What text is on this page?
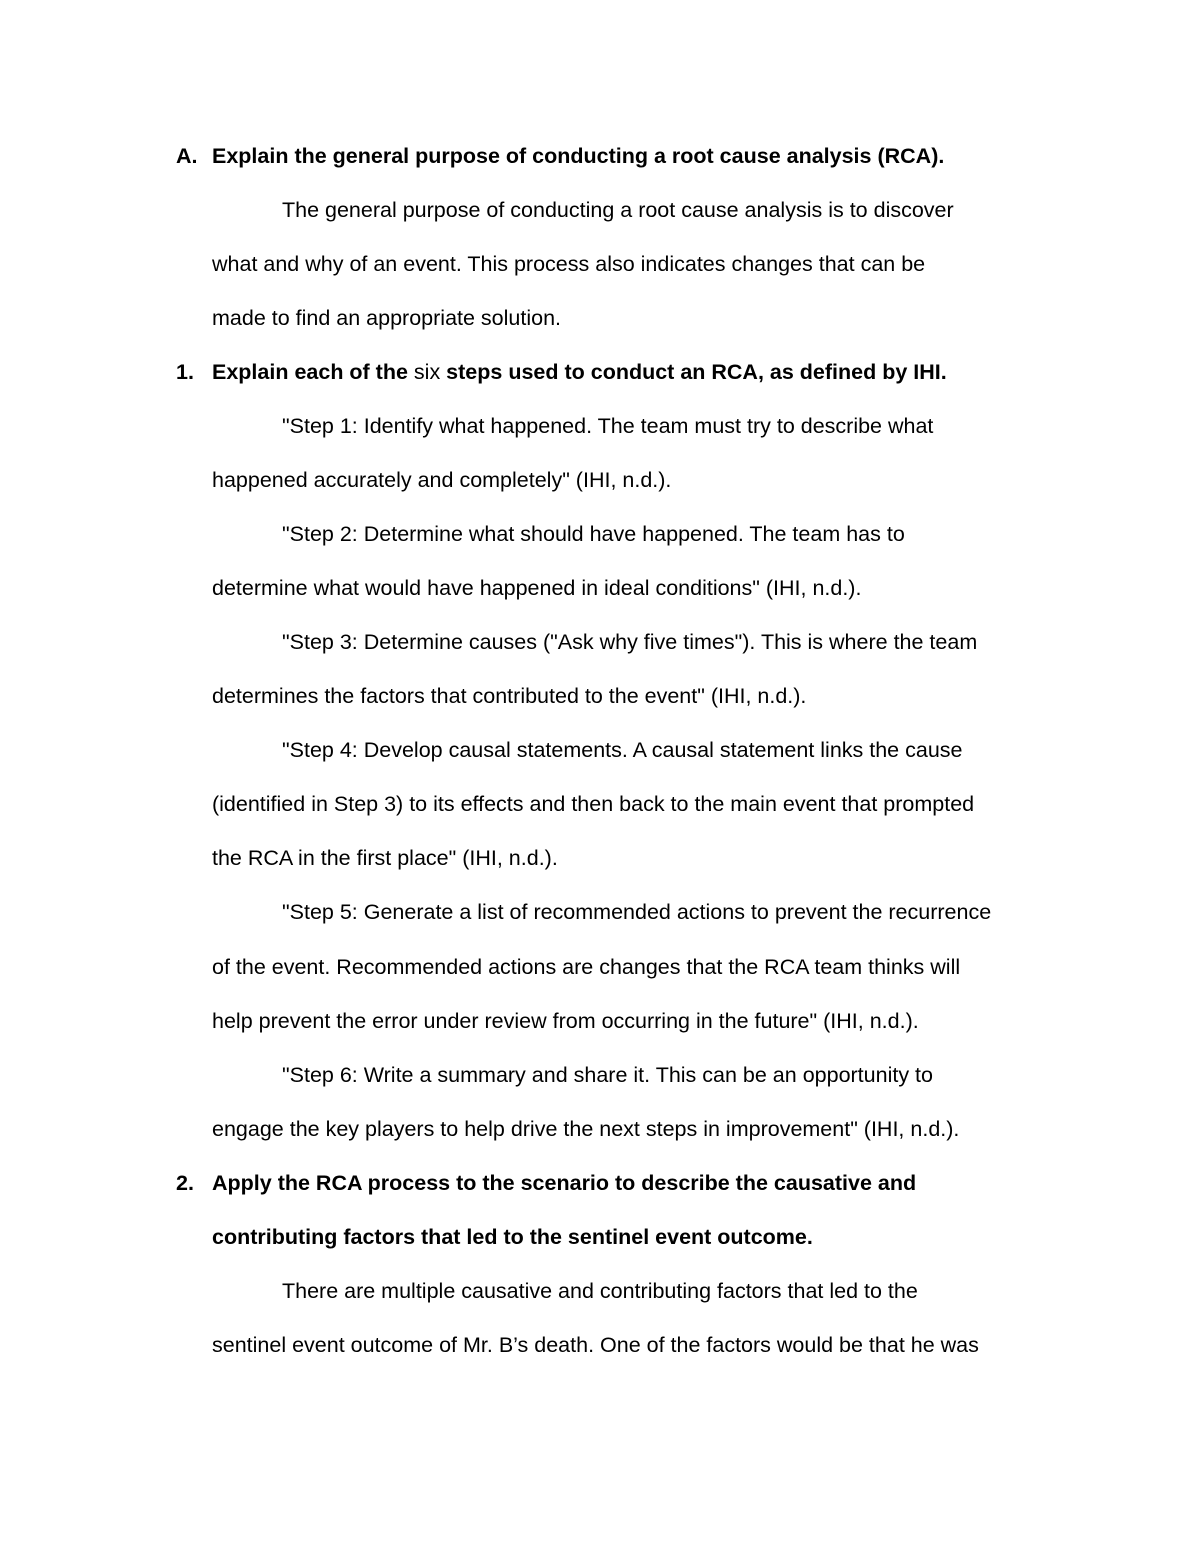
A. Explain the general purpose of conducting a root cause analysis (RCA).

The general purpose of conducting a root cause analysis is to discover

what and why of an event. This process also indicates changes that can be

made to find an appropriate solution.

1. Explain each of the six steps used to conduct an RCA, as defined by IHI.

"Step 1: Identify what happened. The team must try to describe what

happened accurately and completely" (IHI, n.d.).

"Step 2: Determine what should have happened. The team has to

determine what would have happened in ideal conditions" (IHI, n.d.).

"Step 3: Determine causes ("Ask why five times"). This is where the team

determines the factors that contributed to the event" (IHI, n.d.).

"Step 4: Develop causal statements. A causal statement links the cause

(identified in Step 3) to its effects and then back to the main event that prompted

the RCA in the first place" (IHI, n.d.).

"Step 5: Generate a list of recommended actions to prevent the recurrence

of the event. Recommended actions are changes that the RCA team thinks will

help prevent the error under review from occurring in the future" (IHI, n.d.).

"Step 6: Write a summary and share it. This can be an opportunity to

engage the key players to help drive the next steps in improvement" (IHI, n.d.).

2. Apply the RCA process to the scenario to describe the causative and

contributing factors that led to the sentinel event outcome.

There are multiple causative and contributing factors that led to the

sentinel event outcome of Mr. B’s death. One of the factors would be that he was
